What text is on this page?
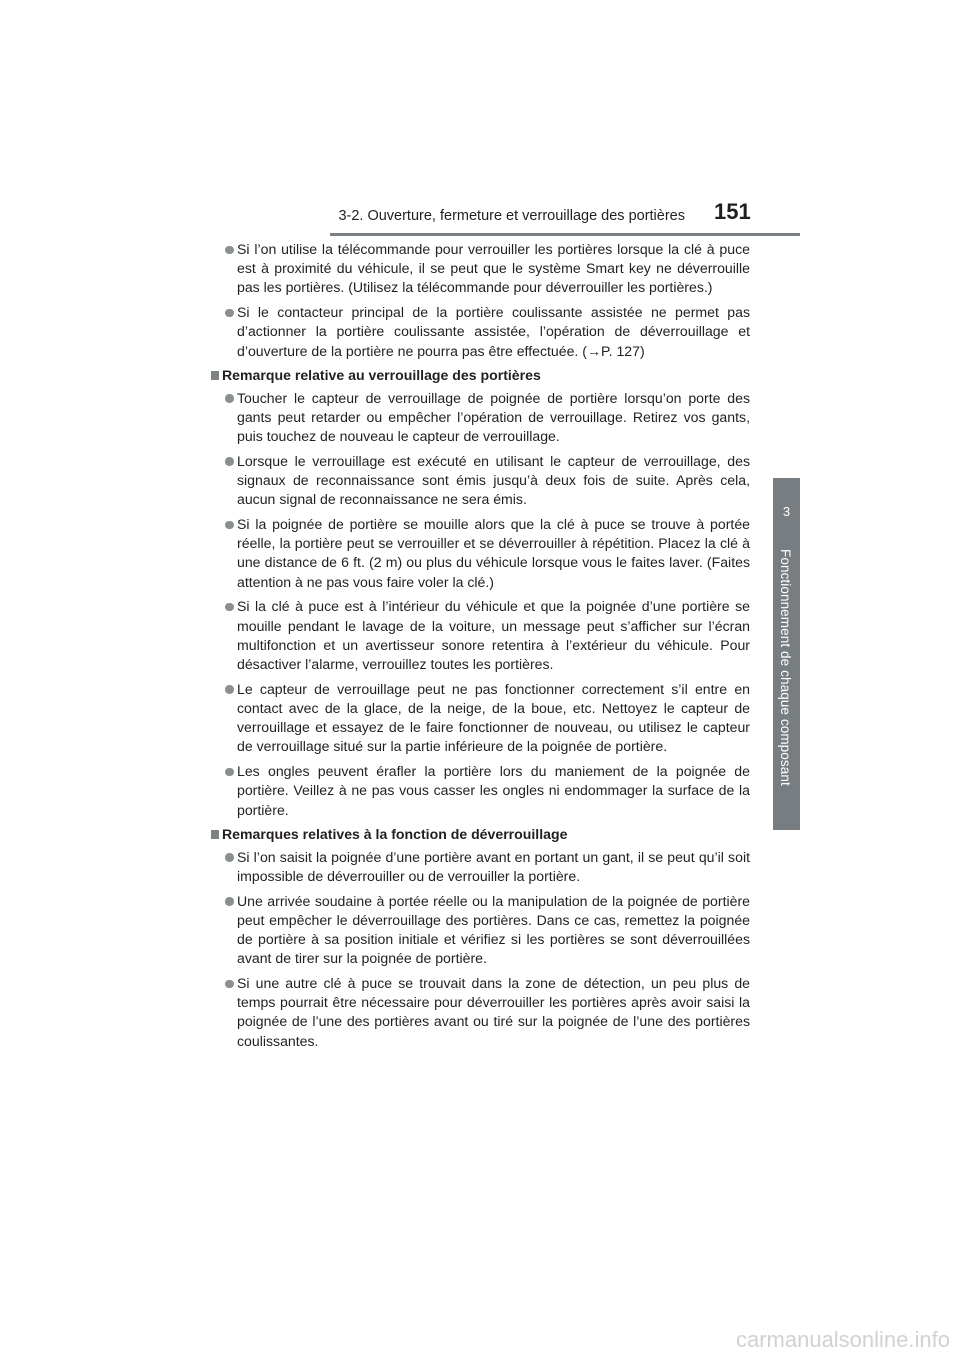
3-2. Ouverture, fermeture et verrouillage des portières 151
3
Fonctionnement de chaque composant
Si l’on utilise la télécommande pour verrouiller les portières lorsque la clé à puce est à proximité du véhicule, il se peut que le système Smart key ne déverrouille pas les portières. (Utilisez la télécommande pour déverrouiller les portières.)
Si le contacteur principal de la portière coulissante assistée ne permet pas d’actionner la portière coulissante assistée, l’opération de déverrouillage et d’ouverture de la portière ne pourra pas être effectuée. (→P. 127)
Remarque relative au verrouillage des portières
Toucher le capteur de verrouillage de poignée de portière lorsqu’on porte des gants peut retarder ou empêcher l’opération de verrouillage. Retirez vos gants, puis touchez de nouveau le capteur de verrouillage.
Lorsque le verrouillage est exécuté en utilisant le capteur de verrouillage, des signaux de reconnaissance sont émis jusqu’à deux fois de suite. Après cela, aucun signal de reconnaissance ne sera émis.
Si la poignée de portière se mouille alors que la clé à puce se trouve à portée réelle, la portière peut se verrouiller et se déverrouiller à répétition. Placez la clé à une distance de 6 ft. (2 m) ou plus du véhicule lorsque vous le faites laver. (Faites attention à ne pas vous faire voler la clé.)
Si la clé à puce est à l’intérieur du véhicule et que la poignée d’une portière se mouille pendant le lavage de la voiture, un message peut s’afficher sur l’écran multifonction et un avertisseur sonore retentira à l’extérieur du véhicule. Pour désactiver l’alarme, verrouillez toutes les portières.
Le capteur de verrouillage peut ne pas fonctionner correctement s’il entre en contact avec de la glace, de la neige, de la boue, etc. Nettoyez le capteur de verrouillage et essayez de le faire fonctionner de nouveau, ou utilisez le capteur de verrouillage situé sur la partie inférieure de la poignée de portière.
Les ongles peuvent érafler la portière lors du maniement de la poignée de portière. Veillez à ne pas vous casser les ongles ni endommager la surface de la portière.
Remarques relatives à la fonction de déverrouillage
Si l’on saisit la poignée d’une portière avant en portant un gant, il se peut qu’il soit impossible de déverrouiller ou de verrouiller la portière.
Une arrivée soudaine à portée réelle ou la manipulation de la poignée de portière peut empêcher le déverrouillage des portières. Dans ce cas, remettez la poignée de portière à sa position initiale et vérifiez si les portières se sont déverrouillées avant de tirer sur la poignée de portière.
Si une autre clé à puce se trouvait dans la zone de détection, un peu plus de temps pourrait être nécessaire pour déverrouiller les portières après avoir saisi la poignée de l’une des portières avant ou tiré sur la poignée de l’une des portières coulissantes.
carmanualsonline.info
